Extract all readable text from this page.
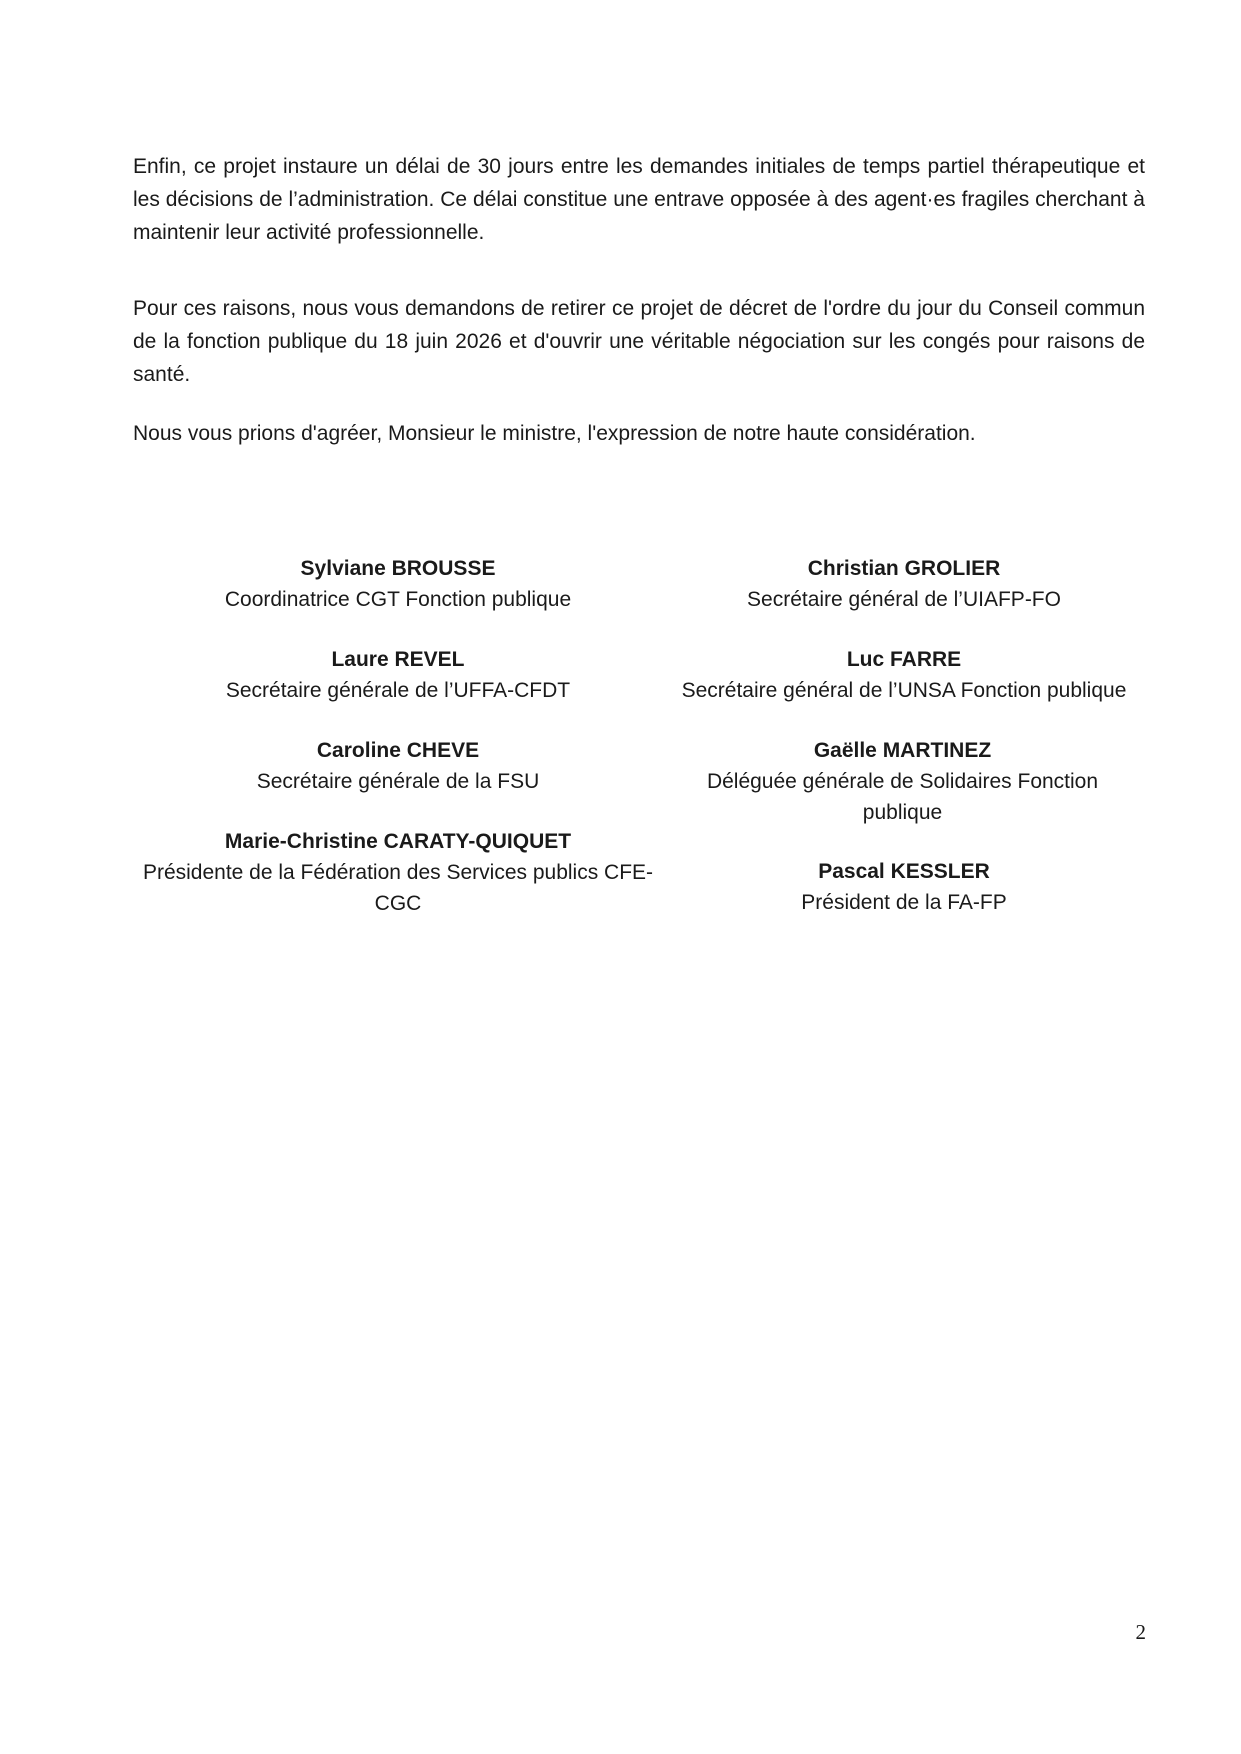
Enfin, ce projet instaure un délai de 30 jours entre les demandes initiales de temps partiel thérapeutique et les décisions de l’administration. Ce délai constitue une entrave opposée à des agent·es fragiles cherchant à maintenir leur activité professionnelle.

Pour ces raisons, nous vous demandons de retirer ce projet de décret de l'ordre du jour du Conseil commun de la fonction publique du 18 juin 2026 et d'ouvrir une véritable négociation sur les congés pour raisons de santé.

Nous vous prions d'agréer, Monsieur le ministre, l'expression de notre haute considération.

Sylviane BROUSSE
Coordinatrice CGT Fonction publique
Laure REVEL
Secrétaire générale de l’UFFA-CFDT
Caroline CHEVE
Secrétaire générale de la FSU
Marie-Christine CARATY-QUIQUET
Présidente de la Fédération des Services publics CFE-CGC
Christian GROLIER
Secrétaire général de l’UIAFP-FO
Luc FARRE
Secrétaire général de l’UNSA Fonction publique
Gaëlle MARTINEZ
Déléguée générale de Solidaires Fonction publique
Pascal KESSLER
Président de la FA-FP
2
